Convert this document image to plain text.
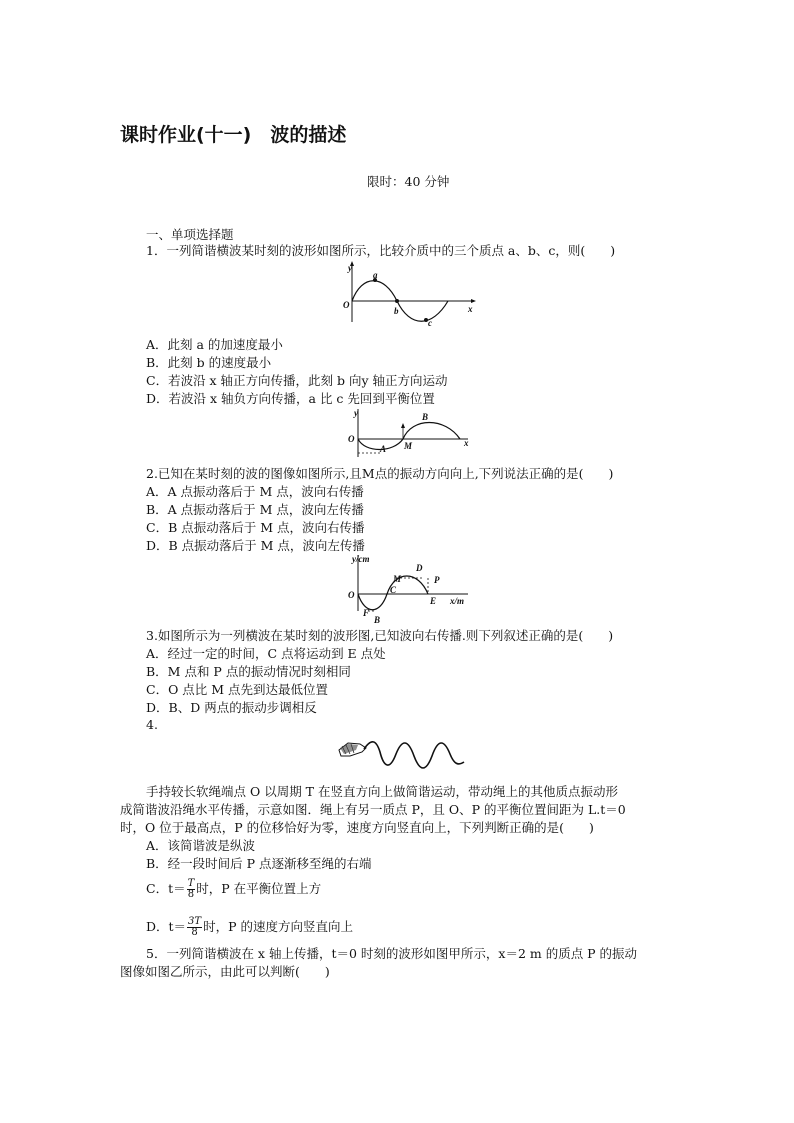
课时作业(十一)　波的描述
限时：40 分钟
一、单项选择题
1．一列简谐横波某时刻的波形如图所示，比较介质中的三个质点 a、b、c，则(　　)
y
O	x
a
b
c
A．此刻 a 的加速度最小
B．此刻 b 的速度最小
C．若波沿 x 轴正方向传播，此刻 b 向y 轴正方向运动
D．若波沿 x 轴负方向传播，a 比 c 先回到平衡位置
y
O	x
A M
B
2.已知在某时刻的波的图像如图所示,且M点的振动方向向上,下列说法正确的是(　　)
A．A 点振动落后于 M 点，波向右传播
B．A 点振动落后于 M 点，波向左传播
C．B 点振动落后于 M 点，波向右传播
D．B 点振动落后于 M 点，波向左传播
y/cm
O
x/m
F
B
C
M
D
P
E
3.如图所示为一列横波在某时刻的波形图,已知波向右传播.则下列叙述正确的是(　　)
A．经过一定的时间，C 点将运动到 E 点处
B．M 点和 P 点的振动情况时刻相同
C．O 点比 M 点先到达最低位置
D．B、D 两点的振动步调相反
4.
手持较长软绳端点 O 以周期 T 在竖直方向上做简谐运动，带动绳上的其他质点振动形
成简谐波沿绳水平传播，示意如图．绳上有另一质点 P，且 O、P 的平衡位置间距为 L.t＝0
时，O 位于最高点，P 的位移恰好为零，速度方向竖直向上，下列判断正确的是(　　)
A．该简谐波是纵波
B．经一段时间后 P 点逐渐移至绳的右端
C．$t= \frac{T}{8}$ 时，P 在平衡位置上方
D．$t= \frac{3T}{8}$ 时，P 的速度方向竖直向上
5．一列简谐横波在 x 轴上传播，t＝0 时刻的波形如图甲所示，x＝2 m 的质点 P 的振动
图像如图乙所示，由此可以判断(　　)
